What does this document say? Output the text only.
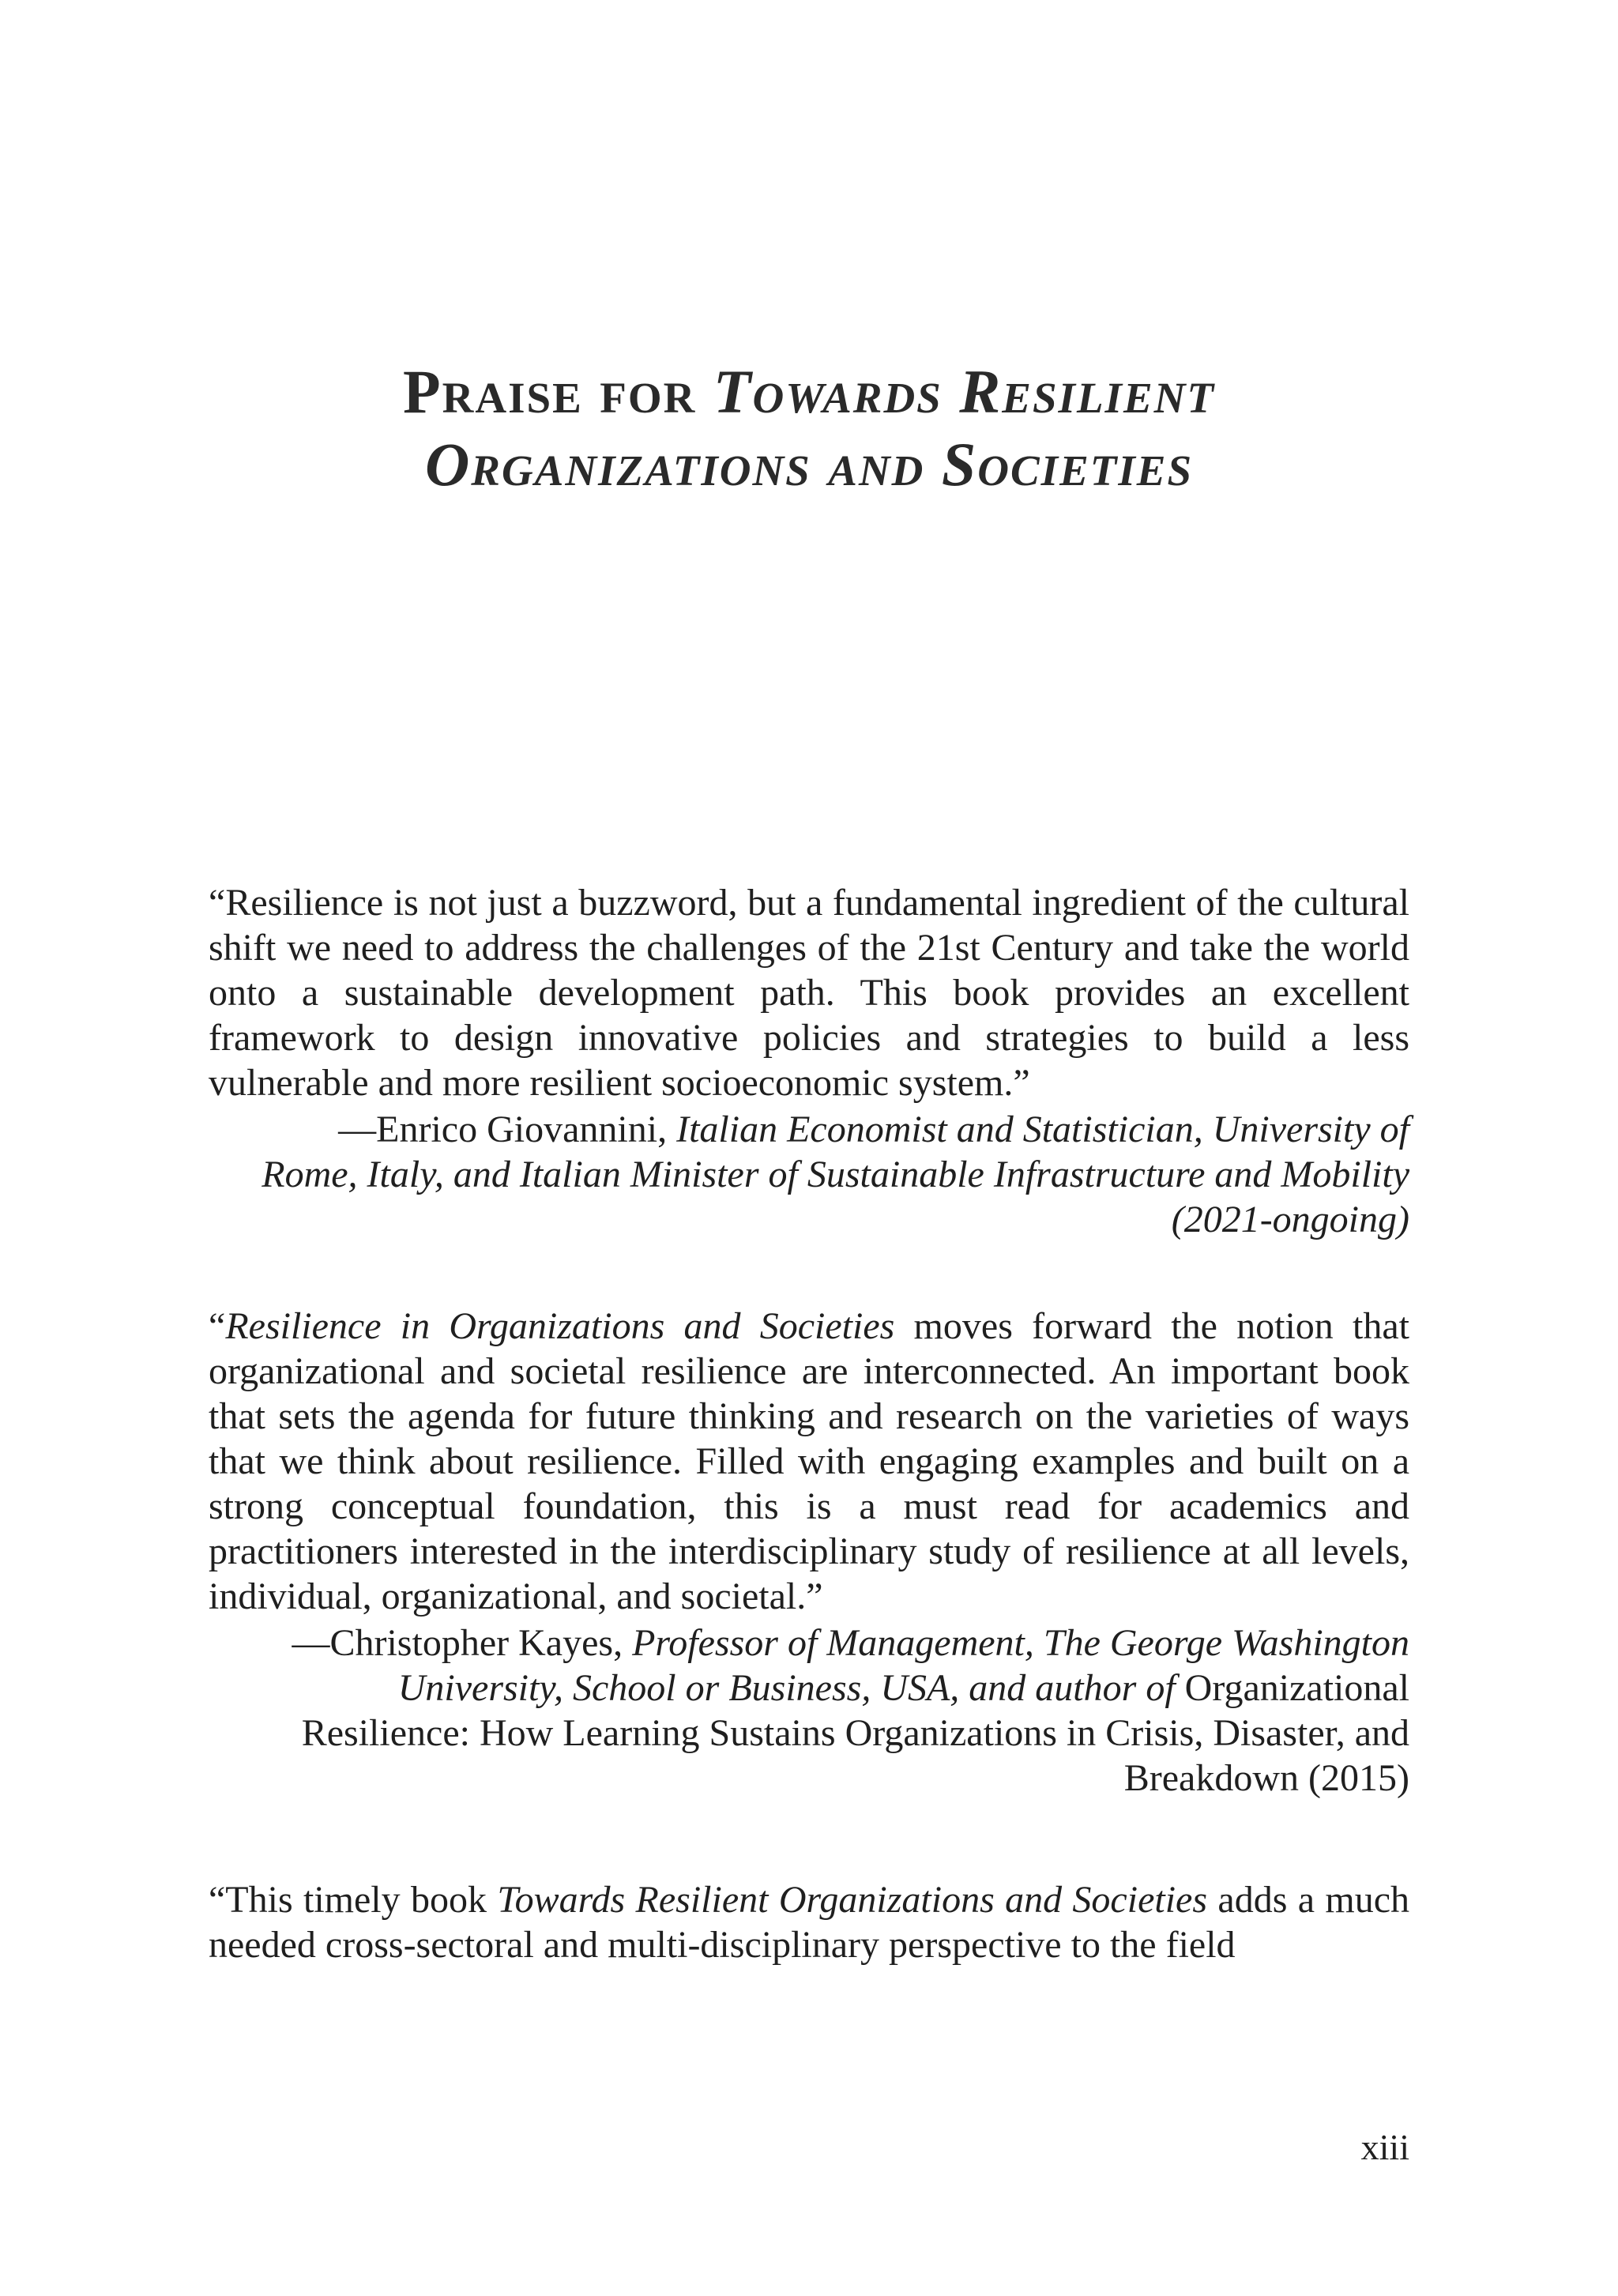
Praise for Towards Resilient
Organizations and Societies

“Resilience is not just a buzzword, but a fundamental ingredient of the cultural shift we need to address the challenges of the 21st Century and take the world onto a sustainable development path. This book provides an excellent framework to design innovative policies and strategies to build a less vulnerable and more resilient socioeconomic system.”

—Enrico Giovannini, Italian Economist and Statistician, University of Rome, Italy, and Italian Minister of Sustainable Infrastructure and Mobility (2021-ongoing)

“Resilience in Organizations and Societies moves forward the notion that organizational and societal resilience are interconnected. An important book that sets the agenda for future thinking and research on the varieties of ways that we think about resilience. Filled with engaging examples and built on a strong conceptual foundation, this is a must read for academics and practitioners interested in the interdisciplinary study of resilience at all levels, individual, organizational, and societal.”

—Christopher Kayes, Professor of Management, The George Washington University, School or Business, USA, and author of Organizational Resilience: How Learning Sustains Organizations in Crisis, Disaster, and Breakdown (2015)

“This timely book Towards Resilient Organizations and Societies adds a much needed cross-sectoral and multi-disciplinary perspective to the field

xiii
